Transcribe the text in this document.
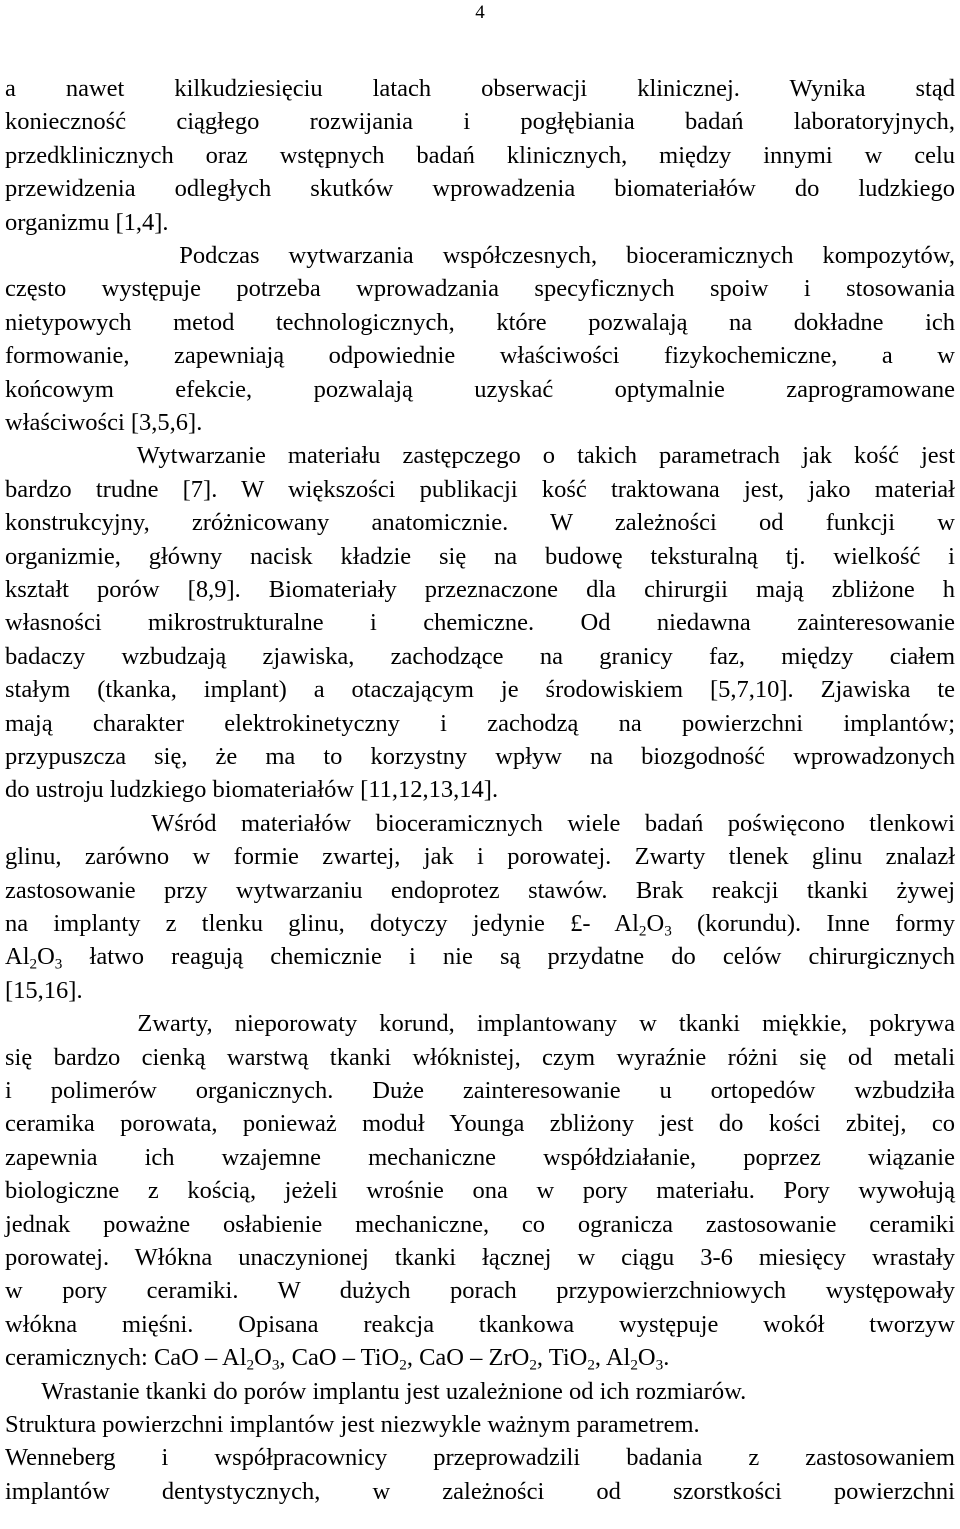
4
a nawet kilkudziesięciu latach obserwacji klinicznej. Wynika stąd
konieczność ciągłego rozwijania i pogłębiania badań laboratoryjnych,
przedklinicznych oraz wstępnych badań klinicznych, między innymi w celu
przewidzenia odległych skutków wprowadzenia biomateriałów do ludzkiego
organizmu [1,4].
Podczas wytwarzania współczesnych, bioceramicznych kompozytów,
często występuje potrzeba wprowadzania specyficznych spoiw i stosowania
nietypowych metod technologicznych, które pozwalają na dokładne ich
formowanie, zapewniają odpowiednie właściwości fizykochemiczne, a w
końcowym efekcie, pozwalają uzyskać optymalnie zaprogramowane
właściwości [3,5,6].
Wytwarzanie materiału zastępczego o takich parametrach jak kość jest
bardzo trudne [7]. W większości publikacji kość traktowana jest, jako materiał
konstrukcyjny, zróżnicowany anatomicznie. W zależności od funkcji w
organizmie, główny nacisk kładzie się na budowę teksturalną tj. wielkość i
kształt porów [8,9]. Biomateriały przeznaczone dla chirurgii mają zbliżone h
własności mikrostrukturalne i chemiczne. Od niedawna zainteresowanie
badaczy wzbudzają zjawiska, zachodzące na granicy faz, między ciałem
stałym (tkanka, implant) a otaczającym je środowiskiem [5,7,10]. Zjawiska te
mają charakter elektrokinetyczny i zachodzą na powierzchni implantów;
przypuszcza się, że ma to korzystny wpływ na biozgodność wprowadzonych
do ustroju ludzkiego biomateriałów [11,12,13,14].
Wśród materiałów bioceramicznych wiele badań poświęcono tlenkowi
glinu, zarówno w formie zwartej, jak i porowatej. Zwarty tlenek glinu znalazł
zastosowanie przy wytwarzaniu endoprotez stawów. Brak reakcji tkanki żywej
na implanty z tlenku glinu, dotyczy jedynie £- $Al_2O_3$ (korundu). Inne formy
$Al_2O_3$ łatwo reagują chemicznie i nie są przydatne do celów chirurgicznych
[15,16].
Zwarty, nieporowaty korund, implantowany w tkanki miękkie, pokrywa
się bardzo cienką warstwą tkanki włóknistej, czym wyraźnie różni się od metali
i polimerów organicznych. Duże zainteresowanie u ortopedów wzbudziła
ceramika porowata, ponieważ moduł Younga zbliżony jest do kości zbitej, co
zapewnia ich wzajemne mechaniczne współdziałanie, poprzez wiązanie
biologiczne z kością, jeżeli wrośnie ona w pory materiału. Pory wywołują
jednak poważne osłabienie mechaniczne, co ogranicza zastosowanie ceramiki
porowatej. Włókna unaczynionej tkanki łącznej w ciągu 3-6 miesięcy wrastały
w pory ceramiki. W dużych porach przypowierzchniowych występowały
włókna mięśni. Opisana reakcja tkankowa występuje wokół tworzyw
ceramicznych: CaO – $Al_2O_3$, CaO – TiO$_2$, CaO – ZrO$_2$, TiO$_2$, $Al_2O_3$.
Wrastanie tkanki do porów implantu jest uzależnione od ich rozmiarów.
Struktura powierzchni implantów jest niezwykle ważnym parametrem.
Wenneberg i współpracownicy przeprowadzili badania z zastosowaniem
implantów dentystycznych, w zależności od szorstkości powierzchni
